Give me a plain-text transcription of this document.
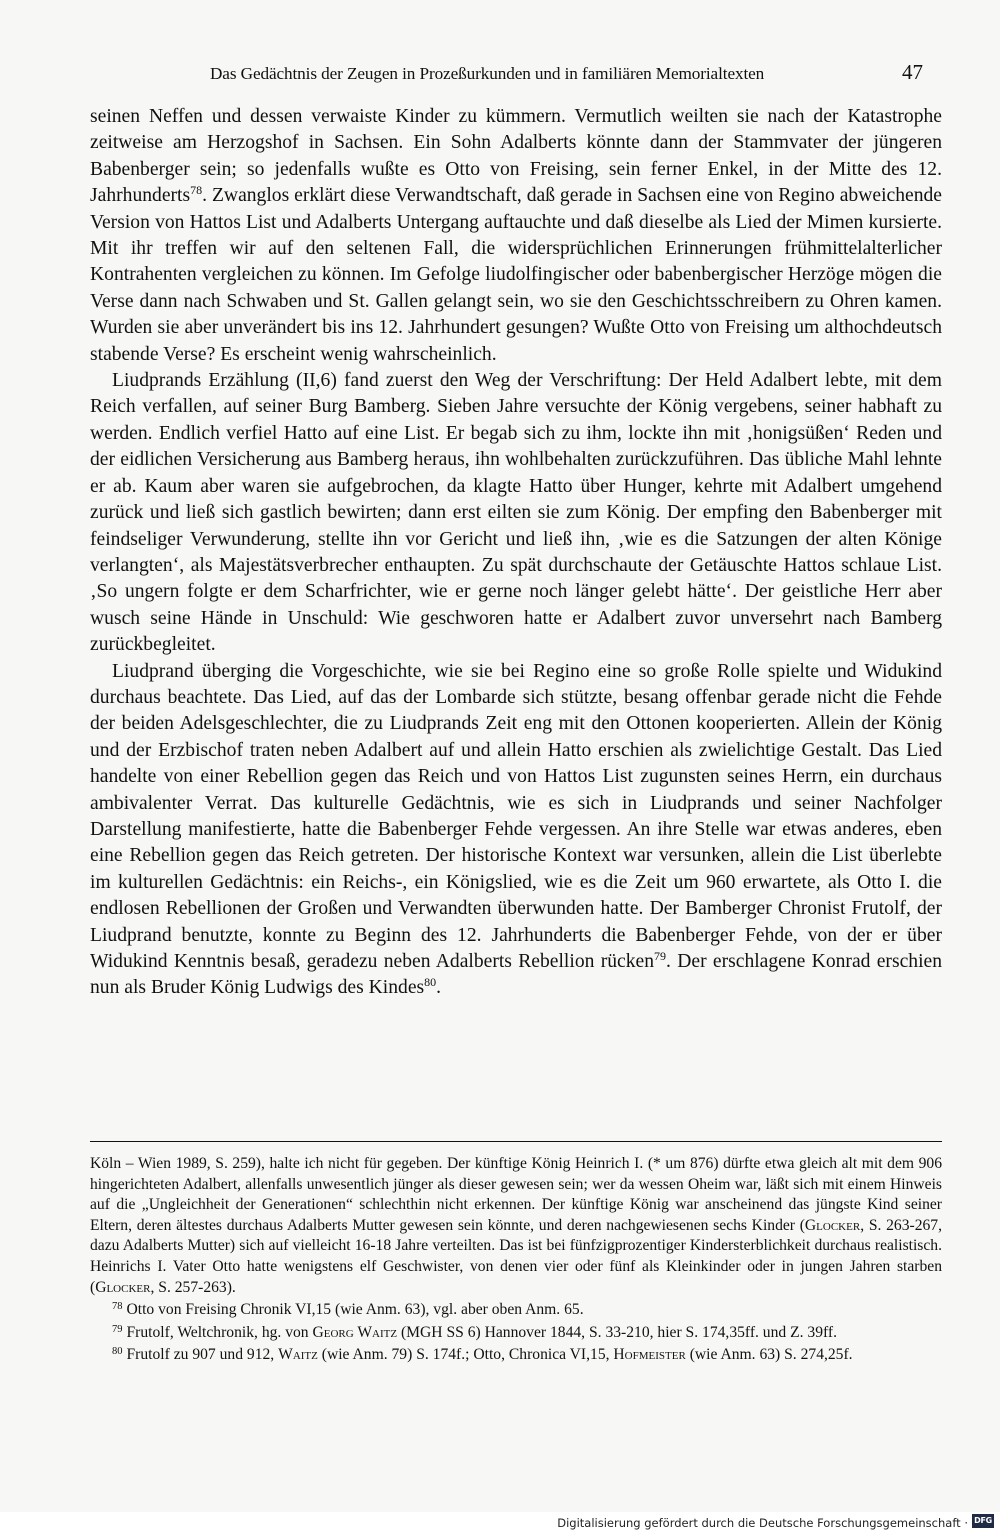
Das Gedächtnis der Zeugen in Prozeßurkunden und in familiären Memorialtexten	47

seinen Neffen und dessen verwaiste Kinder zu kümmern. Vermutlich weilten sie nach der Katastrophe zeitweise am Herzogshof in Sachsen. Ein Sohn Adalberts könnte dann der Stammvater der jüngeren Babenberger sein; so jedenfalls wußte es Otto von Freising, sein ferner Enkel, in der Mitte des 12. Jahrhunderts$^{78}$. Zwanglos erklärt diese Verwandtschaft, daß gerade in Sachsen eine von Regino abweichende Version von Hattos List und Adalberts Untergang auftauchte und daß dieselbe als Lied der Mimen kursierte. Mit ihr treffen wir auf den seltenen Fall, die widersprüchlichen Erinnerungen frühmittelalterlicher Kontrahenten vergleichen zu können. Im Gefolge liudolfingischer oder babenbergischer Herzöge mögen die Verse dann nach Schwaben und St. Gallen gelangt sein, wo sie den Geschichtsschreibern zu Ohren kamen. Wurden sie aber unverändert bis ins 12. Jahrhundert gesungen? Wußte Otto von Freising um althochdeutsch stabende Verse? Es erscheint wenig wahrscheinlich.

Liudprands Erzählung (II,6) fand zuerst den Weg der Verschriftung: Der Held Adalbert lebte, mit dem Reich verfallen, auf seiner Burg Bamberg. Sieben Jahre versuchte der König vergebens, seiner habhaft zu werden. Endlich verfiel Hatto auf eine List. Er begab sich zu ihm, lockte ihn mit ‚honigsüßen‘ Reden und der eidlichen Versicherung aus Bamberg heraus, ihn wohlbehalten zurückzuführen. Das übliche Mahl lehnte er ab. Kaum aber waren sie aufgebrochen, da klagte Hatto über Hunger, kehrte mit Adalbert umgehend zurück und ließ sich gastlich bewirten; dann erst eilten sie zum König. Der empfing den Babenberger mit feindseliger Verwunderung, stellte ihn vor Gericht und ließ ihn, ‚wie es die Satzungen der alten Könige verlangten‘, als Majestätsverbrecher enthaupten. Zu spät durchschaute der Getäuschte Hattos schlaue List. ‚So ungern folgte er dem Scharfrichter, wie er gerne noch länger gelebt hätte‘. Der geistliche Herr aber wusch seine Hände in Unschuld: Wie geschworen hatte er Adalbert zuvor unversehrt nach Bamberg zurückbegleitet.

Liudprand überging die Vorgeschichte, wie sie bei Regino eine so große Rolle spielte und Widukind durchaus beachtete. Das Lied, auf das der Lombarde sich stützte, besang offenbar gerade nicht die Fehde der beiden Adelsgeschlechter, die zu Liudprands Zeit eng mit den Ottonen kooperierten. Allein der König und der Erzbischof traten neben Adalbert auf und allein Hatto erschien als zwielichtige Gestalt. Das Lied handelte von einer Rebellion gegen das Reich und von Hattos List zugunsten seines Herrn, ein durchaus ambivalenter Verrat. Das kulturelle Gedächtnis, wie es sich in Liudprands und seiner Nachfolger Darstellung manifestierte, hatte die Babenberger Fehde vergessen. An ihre Stelle war etwas anderes, eben eine Rebellion gegen das Reich getreten. Der historische Kontext war versunken, allein die List überlebte im kulturellen Gedächtnis: ein Reichs-, ein Königslied, wie es die Zeit um 960 erwartete, als Otto I. die endlosen Rebellionen der Großen und Verwandten überwunden hatte. Der Bamberger Chronist Frutolf, der Liudprand benutzte, konnte zu Beginn des 12. Jahrhunderts die Babenberger Fehde, von der er über Widukind Kenntnis besaß, geradezu neben Adalberts Rebellion rücken$^{79}$. Der erschlagene Konrad erschien nun als Bruder König Ludwigs des Kindes$^{80}$.

Köln – Wien 1989, S. 259), halte ich nicht für gegeben. Der künftige König Heinrich I. (* um 876) dürfte etwa gleich alt mit dem 906 hingerichteten Adalbert, allenfalls unwesentlich jünger als dieser gewesen sein; wer da wessen Oheim war, läßt sich mit einem Hinweis auf die „Ungleichheit der Generationen“ schlechthin nicht erkennen. Der künftige König war anscheinend das jüngste Kind seiner Eltern, deren ältestes durchaus Adalberts Mutter gewesen sein könnte, und deren nachgewiesenen sechs Kinder (Glocker, S. 263-267, dazu Adalberts Mutter) sich auf vielleicht 16-18 Jahre verteilten. Das ist bei fünfzigprozentiger Kindersterblichkeit durchaus realistisch. Heinrichs I. Vater Otto hatte wenigstens elf Geschwister, von denen vier oder fünf als Kleinkinder oder in jungen Jahren starben (Glocker, S. 257-263).

$^{78}$ Otto von Freising Chronik VI,15 (wie Anm. 63), vgl. aber oben Anm. 65.

$^{79}$ Frutolf, Weltchronik, hg. von Georg Waitz (MGH SS 6) Hannover 1844, S. 33-210, hier S. 174,35ff. und Z. 39ff.

$^{80}$ Frutolf zu 907 und 912, Waitz (wie Anm. 79) S. 174f.; Otto, Chronica VI,15, Hofmeister (wie Anm. 63) S. 274,25f.

Digitalisierung gefördert durch die Deutsche Forschungsgemeinschaft · DFG
